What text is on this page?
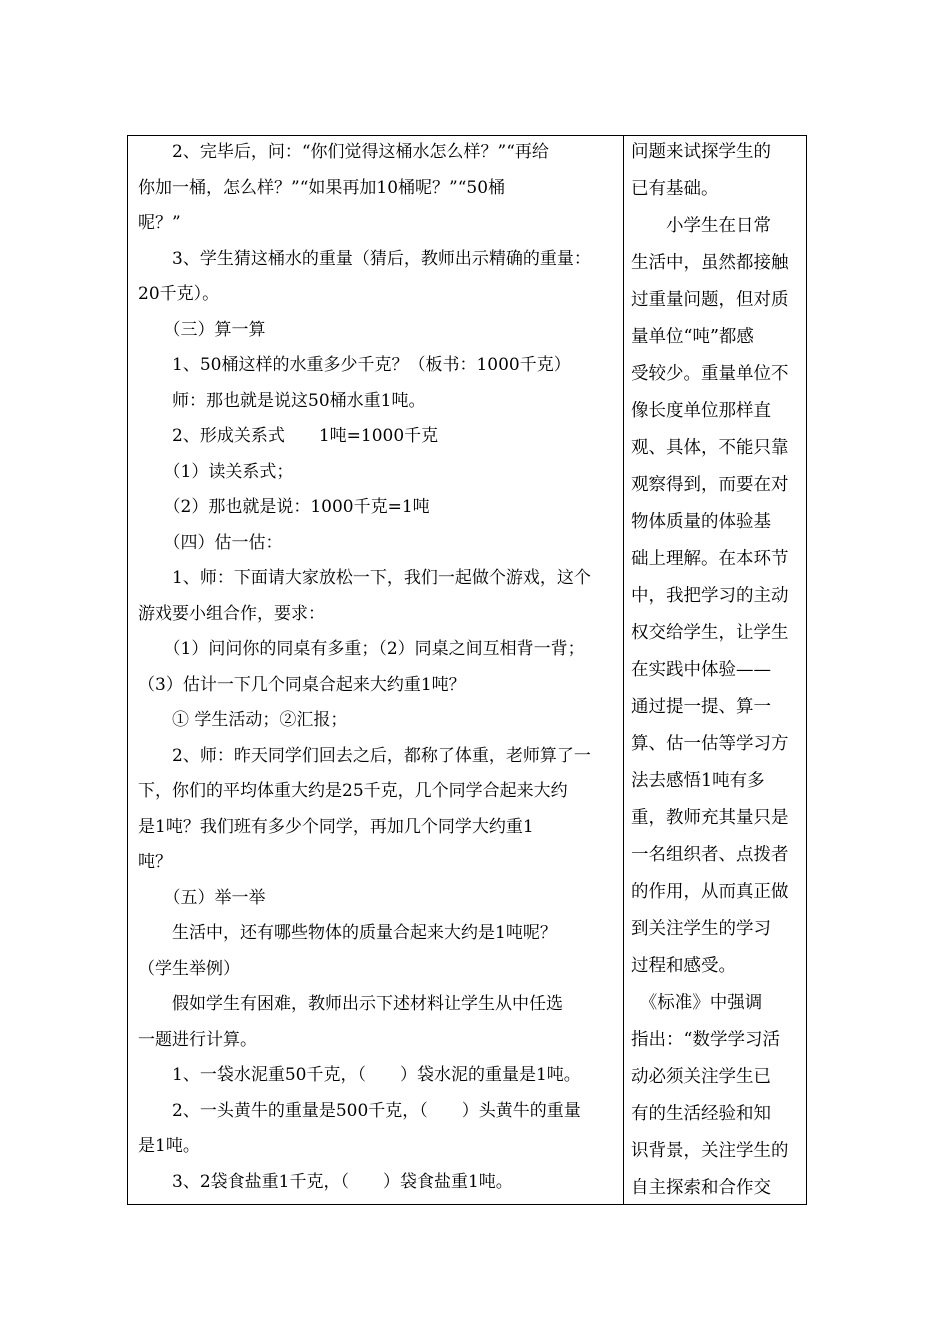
　　2、完毕后，问：“你们觉得这桶水怎么样？”“再给
你加一桶，怎么样？”“如果再加10桶呢？”“50桶
呢？”
　　3、学生猜这桶水的重量（猜后，教师出示精确的重量：
20千克）。
　　（三）算一算
　　1、50桶这样的水重多少千克？（板书：1000千克）
　　师：那也就是说这50桶水重1吨。
　　2、形成关系式　　1吨=1000千克
　　（1）读关系式；
　　（2）那也就是说：1000千克=1吨
　　（四）估一估：
　　1、师：下面请大家放松一下，我们一起做个游戏，这个
游戏要小组合作，要求：
　　（1）问问你的同桌有多重；（2）同桌之间互相背一背；
（3）估计一下几个同桌合起来大约重1吨？
　　① 学生活动；②汇报；
　　2、师：昨天同学们回去之后，都称了体重，老师算了一
下，你们的平均体重大约是25千克，几个同学合起来大约
是1吨？我们班有多少个同学，再加几个同学大约重1
吨？
　　（五）举一举
　　生活中，还有哪些物体的质量合起来大约是1吨呢？
（学生举例）
　　假如学生有困难，教师出示下述材料让学生从中任选
一题进行计算。
　　1、一袋水泥重50千克，（　　）袋水泥的重量是1吨。
　　2、一头黄牛的重量是500千克，（　　）头黄牛的重量
是1吨。
　　3、2袋食盐重1千克，（　　）袋食盐重1吨。
问题来试探学生的
已有基础。
　　小学生在日常
生活中，虽然都接触
过重量问题，但对质
量单位“吨”都感
受较少。重量单位不
像长度单位那样直
观、具体，不能只靠
观察得到，而要在对
物体质量的体验基
础上理解。在本环节
中，我把学习的主动
权交给学生，让学生
在实践中体验——
通过提一提、算一
算、估一估等学习方
法去感悟1吨有多
重，教师充其量只是
一名组织者、点拨者
的作用，从而真正做
到关注学生的学习
过程和感受。
　《标准》中强调
指出：“数学学习活
动必须关注学生已
有的生活经验和知
识背景，关注学生的
自主探索和合作交
